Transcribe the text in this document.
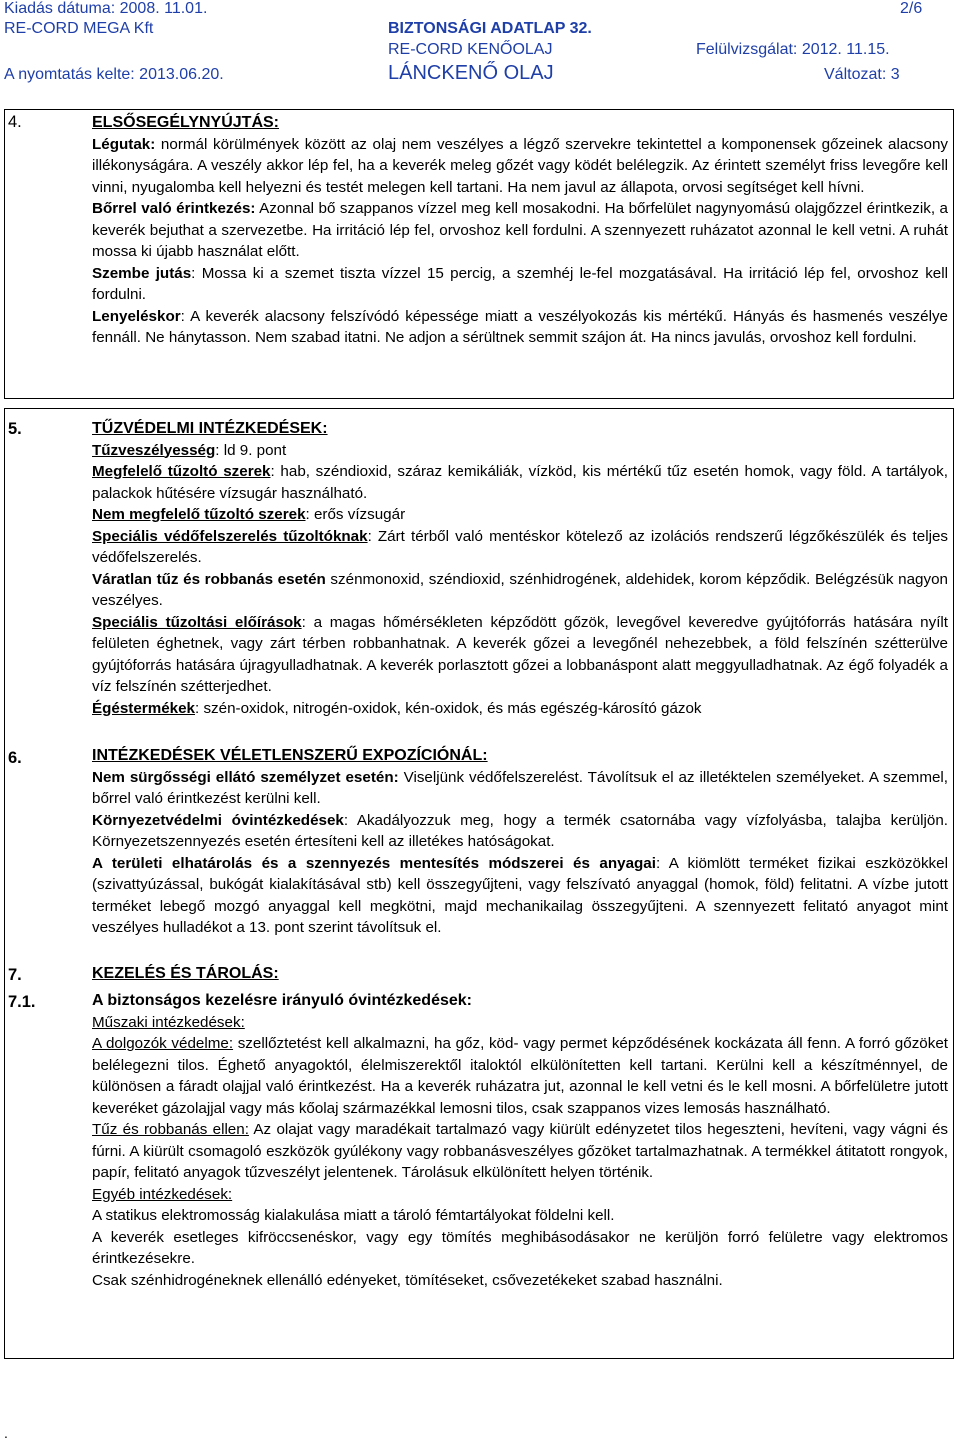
Kiadás dátuma: 2008. 11.01.	2/6
RE-CORD MEGA Kft	BIZTONSÁGI ADATLAP 32.
RE-CORD KENŐOLAJ	Felülvizsgálat: 2012. 11.15.
A nyomtatás kelte: 2013.06.20.	LÁNCKENŐ OLAJ	Változat: 3
4.	ELSŐSEGÉLYNYÚJTÁS:

Légutak: normál körülmények között az olaj nem veszélyes a légző szervekre tekintettel a komponensek gőzeinek alacsony illékonyságára. A veszély akkor lép fel, ha a keverék meleg gőzét vagy ködét belélegzik. Az érintett személyt friss levegőre kell vinni, nyugalomba kell helyezni és testét melegen kell tartani. Ha nem javul az állapota, orvosi segítséget kell hívni.

Bőrrel való érintkezés: Azonnal bő szappanos vízzel meg kell mosakodni. Ha bőrfelület nagynyomású olajgőzzel érintkezik, a keverék bejuthat a szervezetbe. Ha irritáció lép fel, orvoshoz kell fordulni. A szennyezett ruházatot azonnal le kell vetni. A ruhát mossa ki újabb használat előtt.

Szembe jutás: Mossa ki a szemet tiszta vízzel 15 percig, a szemhéj le-fel mozgatásával. Ha irritáció lép fel, orvoshoz kell fordulni.

Lenyeléskor: A keverék alacsony felszívódó képessége miatt a veszélyokozás kis mértékű. Hányás és hasmenés veszélye fennáll. Ne hánytasson. Nem szabad itatni. Ne adjon a sérültnek semmit szájon át. Ha nincs javulás, orvoshoz kell fordulni.

5.	TŰZVÉDELMI INTÉZKEDÉSEK:

Tűzveszélyesség: ld 9. pont

Megfelelő tűzoltó szerek: hab, széndioxid, száraz kemikáliák, vízköd, kis mértékű tűz esetén homok, vagy föld. A tartályok, palackok hűtésére vízsugár használható.

Nem megfelelő tűzoltó szerek: erős vízsugár

Speciális védőfelszerelés tűzoltóknak: Zárt térből való mentéskor kötelező az izolációs rendszerű légzőkészülék és teljes védőfelszerelés.

Váratlan tűz és robbanás esetén szénmonoxid, széndioxid, szénhidrogének, aldehidek, korom képződik. Belégzésük nagyon veszélyes.

Speciális tűzoltási előírások: a magas hőmérsékleten képződött gőzök, levegővel keveredve gyújtóforrás hatására nyílt felületen éghetnek, vagy zárt térben robbanhatnak. A keverék gőzei a levegőnél nehezebbek, a föld felszínén szétterülve gyújtóforrás hatására újragyulladhatnak. A keverék porlasztott gőzei a lobbanáspont alatt meggyulladhatnak. Az égő folyadék a víz felszínén szétterjedhet.

Égéstermékek: szén-oxidok, nitrogén-oxidok, kén-oxidok, és más egészég-károsító gázok

6.	INTÉZKEDÉSEK VÉLETLENSZERŰ EXPOZÍCIÓNÁL:

Nem sürgősségi ellátó személyzet esetén: Viseljünk védőfelszerelést. Távolítsuk el az illetéktelen személyeket. A szemmel, bőrrel való érintkezést kerülni kell.

Környezetvédelmi óvintézkedések: Akadályozzuk meg, hogy a termék csatornába vagy vízfolyásba, talajba kerüljön. Környezetszennyezés esetén értesíteni kell az illetékes hatóságokat.

A területi elhatárolás és a szennyezés mentesítés módszerei és anyagai: A kiömlött terméket fizikai eszközökkel (szivattyúzással, bukógát kialakításával stb) kell összegyűjteni, vagy felszívató anyaggal (homok, föld) felitatni. A vízbe jutott terméket lebegő mozgó anyaggal kell megkötni, majd mechanikailag összegyűjteni. A szennyezett felitató anyagot mint veszélyes hulladékot a 13. pont szerint távolítsuk el.

7.	KEZELÉS ÉS TÁROLÁS:

7.1.	A biztonságos kezelésre irányuló óvintézkedések:

Műszaki intézkedések:

A dolgozók védelme: szellőztetést kell alkalmazni, ha gőz, köd- vagy permet képződésének kockázata áll fenn. A forró gőzöket belélegezni tilos. Éghető anyagoktól, élelmiszerektől italoktól elkülönítetten kell tartani. Kerülni kell a készítménnyel, de különösen a fáradt olajjal való érintkezést. Ha a keverék ruházatra jut, azonnal le kell vetni és le kell mosni. A bőrfelületre jutott keveréket gázolajjal vagy más kőolaj származékkal lemosni tilos, csak szappanos vizes lemosás használható.

Tűz és robbanás ellen: Az olajat vagy maradékait tartalmazó vagy kiürült edényzetet tilos hegeszteni, hevíteni, vagy vágni és fúrni. A kiürült csomagoló eszközök gyúlékony vagy robbanásveszélyes gőzöket tartalmazhatnak. A termékkel átitatott rongyok, papír, felitató anyagok tűzveszélyt jelentenek. Tárolásuk elkülönített helyen történik.

Egyéb intézkedések:

A statikus elektromosság kialakulása miatt a tároló fémtartályokat földelni kell.

A keverék esetleges kifröccsenéskor, vagy egy tömítés meghibásodásakor ne kerüljön forró felületre vagy elektromos érintkezésekre.

Csak szénhidrogéneknek ellenálló edényeket, tömítéseket, csővezetékeket szabad használni.

.
